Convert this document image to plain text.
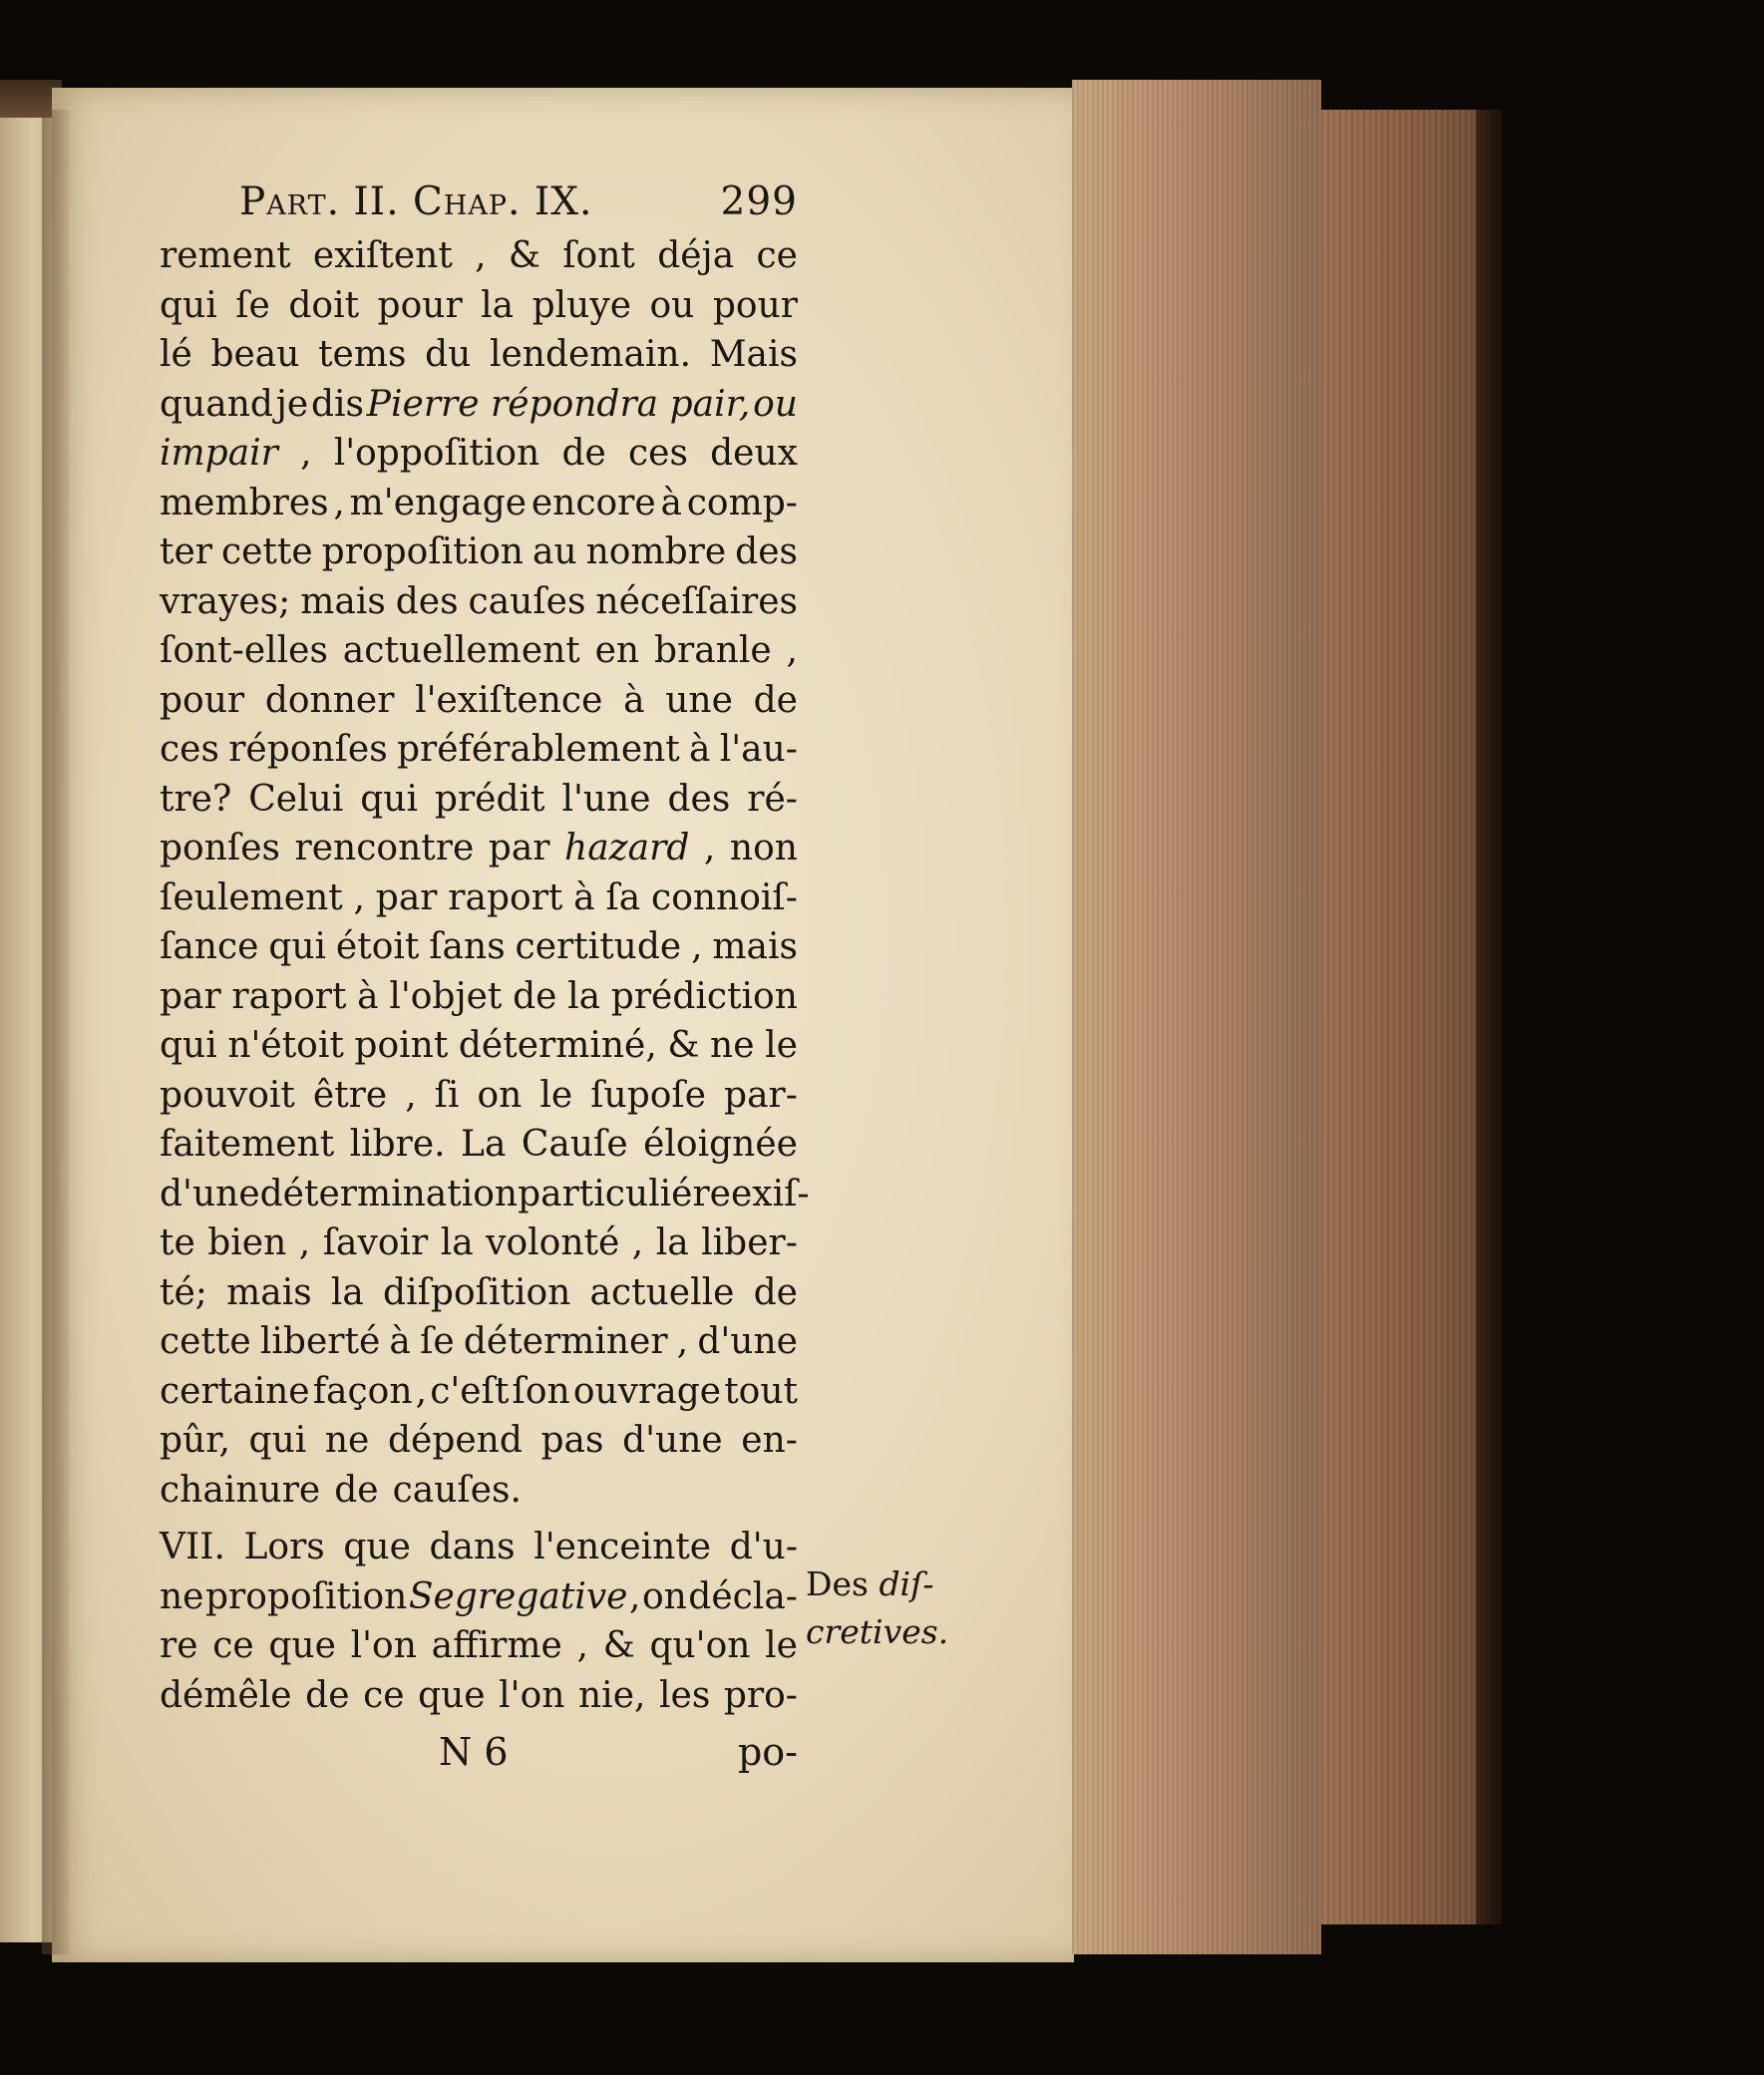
Part. II. Chap. IX.	299
rement exiſtent , & ſont déja ce
qui ſe doit pour la pluye ou pour
lé beau tems du lendemain. Mais
quand je dis Pierre répondra pair, ou
impair , l'oppoſition de ces deux
membres , m'engage encore à comp-
ter cette propoſition au nombre des
vrayes; mais des cauſes néceſſaires
ſont-elles actuellement en branle ,
pour donner l'exiſtence à une de
ces réponſes préférablement à l'au-
tre? Celui qui prédit l'une des ré-
ponſes rencontre par hazard , non
ſeulement , par raport à ſa connoiſ-
ſance qui étoit ſans certitude , mais
par raport à l'objet de la prédiction
qui n'étoit point déterminé, & ne le
pouvoit être , ſi on le ſupoſe par-
faitement libre. La Cauſe éloignée
d'une détermination particuliére exiſ-
te bien , ſavoir la volonté , la liber-
té; mais la diſpoſition actuelle de
cette liberté à ſe déterminer , d'une
certaine façon , c'eſt ſon ouvrage tout
pûr, qui ne dépend pas d'une en-
chainure de cauſes.
VII. Lors que dans l'enceinte d'u-
ne propoſition Segregative , on décla-
re ce que l'on affirme , & qu'on le
démêle de ce que l'on nie, les pro-
N 6	po-
Des diſ-
cretives.
